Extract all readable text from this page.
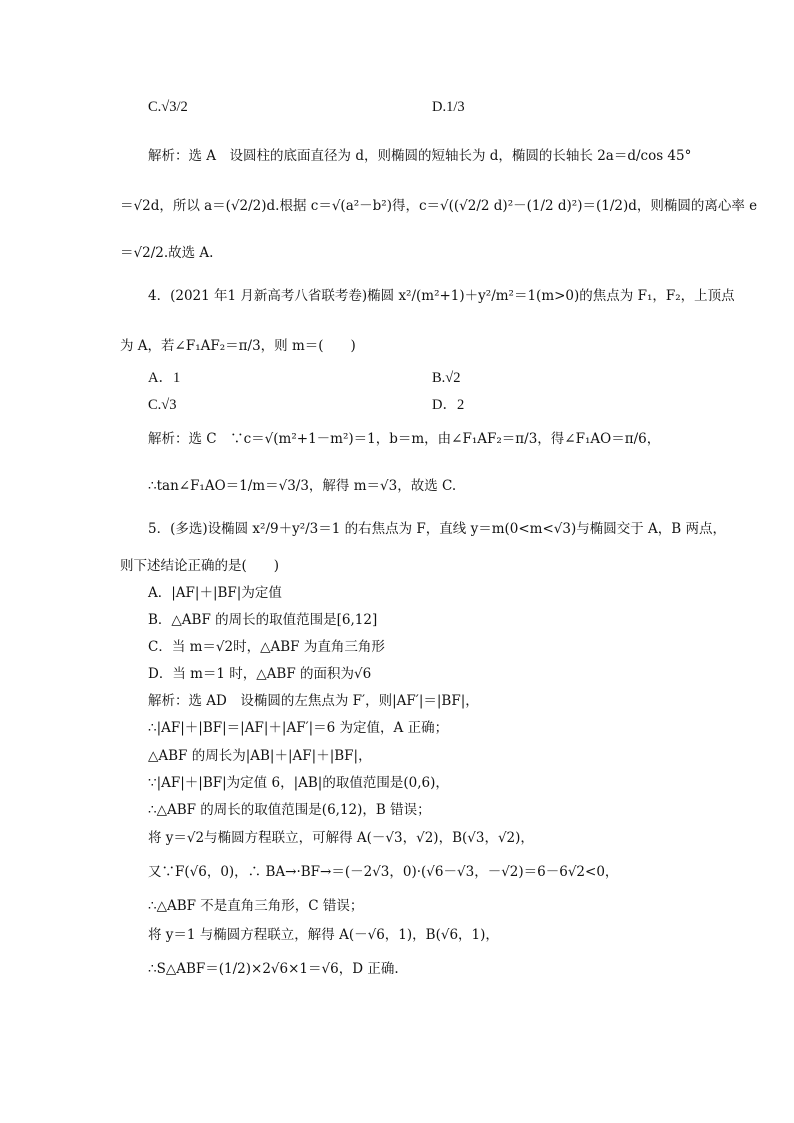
C.√3/2	D.1/3
解析：选 A　设圆柱的底面直径为 d，则椭圆的短轴长为 d，椭圆的长轴长 2a＝d/cos 45°
＝√2d，所以 a＝(√2/2)d.根据 c＝√(a²－b²)得，c＝√((√2/2 d)²－(1/2 d)²)＝(1/2)d，则椭圆的离心率 e
＝√2/2.故选 A.
4．(2021 年1 月新高考八省联考卷)椭圆 x²/(m²+1)＋y²/m²＝1(m>0)的焦点为 F₁，F₂，上顶点
为 A，若∠F₁AF₂＝π/3，则 m＝(　　)
A．1	B.√2
C.√3	D．2
解析：选 C　∵c＝√(m²+1－m²)＝1，b＝m，由∠F₁AF₂＝π/3，得∠F₁AO＝π/6，
∴tan∠F₁AO＝1/m＝√3/3，解得 m＝√3，故选 C.
5．(多选)设椭圆 x²/9＋y²/3＝1 的右焦点为 F，直线 y＝m(0<m<√3)与椭圆交于 A，B 两点，
则下述结论正确的是(　　)
A．|AF|＋|BF|为定值
B．△ABF 的周长的取值范围是[6,12]
C．当 m＝√2时，△ABF 为直角三角形
D．当 m＝1 时，△ABF 的面积为√6
解析：选 AD　设椭圆的左焦点为 F′，则|AF′|＝|BF|，
∴|AF|＋|BF|＝|AF|＋|AF′|＝6 为定值，A 正确；
△ABF 的周长为|AB|＋|AF|＋|BF|，
∵|AF|＋|BF|为定值 6，|AB|的取值范围是(0,6)，
∴△ABF 的周长的取值范围是(6,12)，B 错误；
将 y＝√2与椭圆方程联立，可解得 A(－√3，√2)，B(√3，√2)，
又∵F(√6，0)，∴ BA→·BF→＝(－2√3，0)·(√6－√3，－√2)＝6－6√2<0，
∴△ABF 不是直角三角形，C 错误；
将 y＝1 与椭圆方程联立，解得 A(－√6，1)，B(√6，1)，
∴S△ABF＝(1/2)×2√6×1＝√6，D 正确.
